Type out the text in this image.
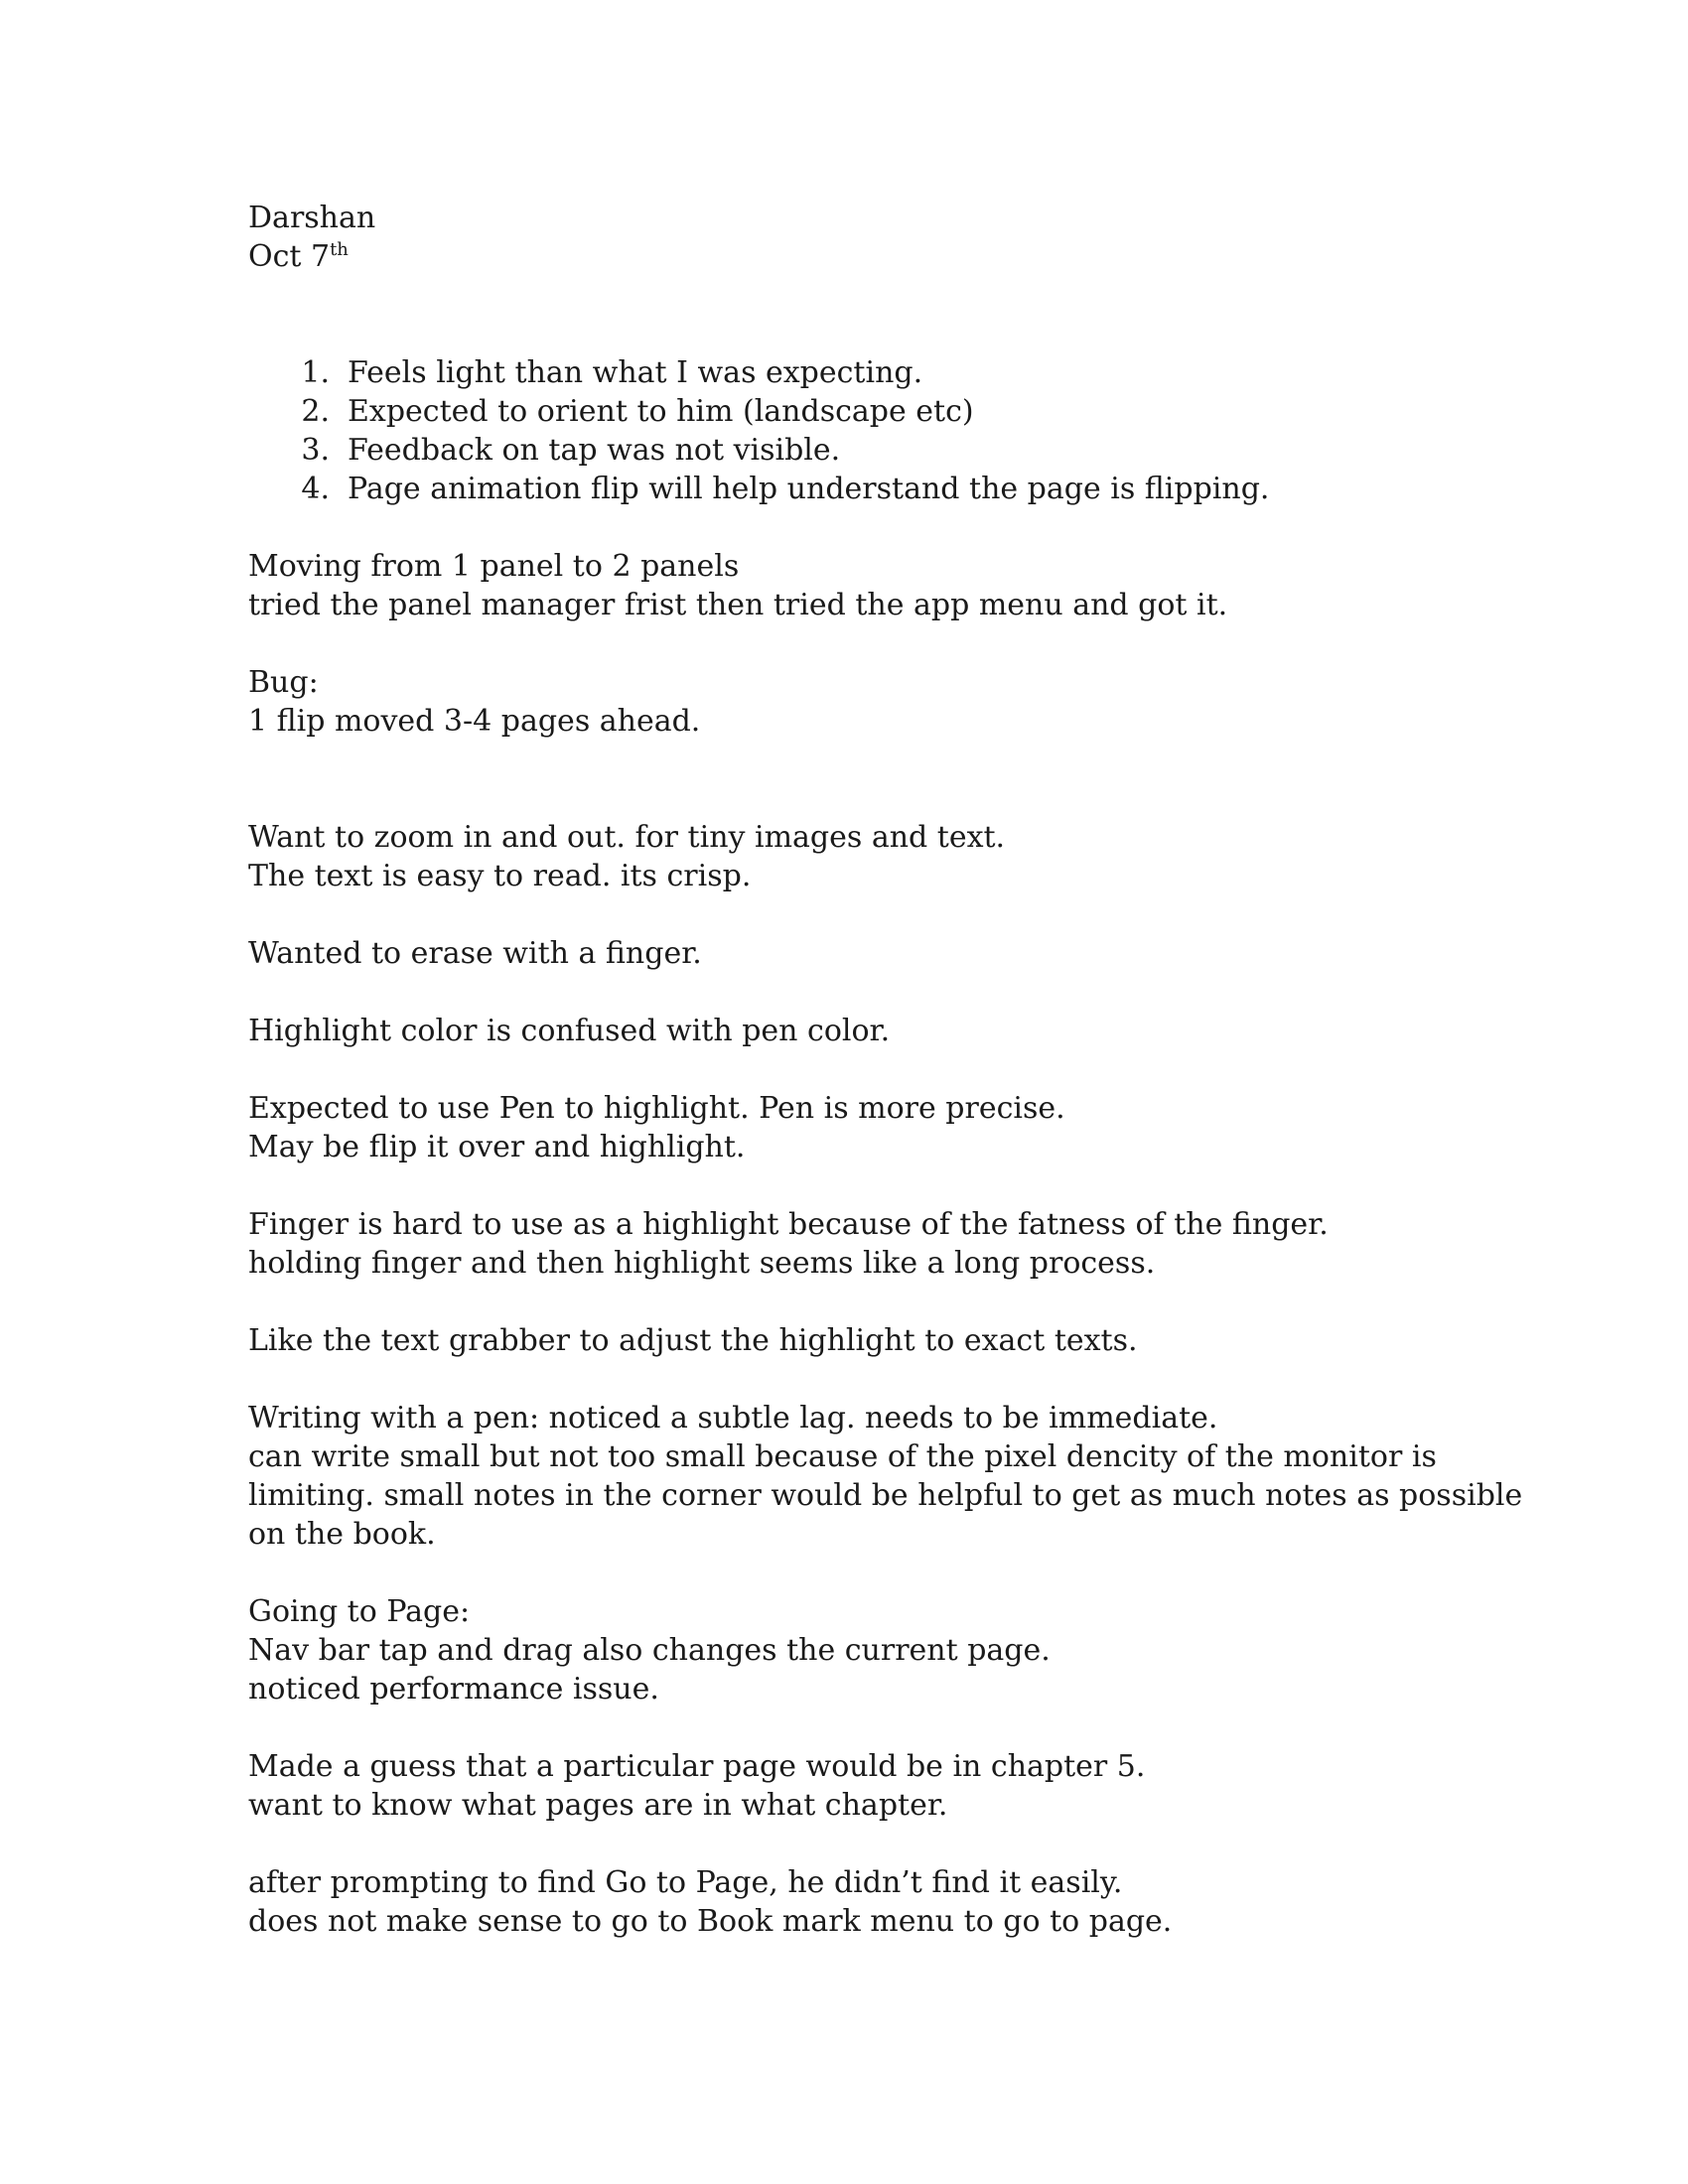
Darshan
Oct 7th
1. Feels light than what I was expecting.
2. Expected to orient to him (landscape etc)
3. Feedback on tap was not visible.
4. Page animation flip will help understand the page is flipping.
Moving from 1 panel to 2 panels
tried the panel manager frist then tried the app menu and got it.
Bug:
1 flip moved 3-4 pages ahead.
Want to zoom in and out. for tiny images and text.
The text is easy to read. its crisp.
Wanted to erase with a finger.
Highlight color is confused with pen color.
Expected to use Pen to highlight. Pen is more precise.
May be flip it over and highlight.
Finger is hard to use as a highlight because of the fatness of the finger.
holding finger and then highlight seems like a long process.
Like the text grabber to adjust the highlight to exact texts.
Writing with a pen: noticed a subtle lag. needs to be immediate.
can write small but not too small because of the pixel dencity of the monitor is
limiting. small notes in the corner would be helpful to get as much notes as possible
on the book.
Going to Page:
Nav bar tap and drag also changes the current page.
noticed performance issue.
Made a guess that a particular page would be in chapter 5.
want to know what pages are in what chapter.
after prompting to find Go to Page, he didn’t find it easily.
does not make sense to go to Book mark menu to go to page.
